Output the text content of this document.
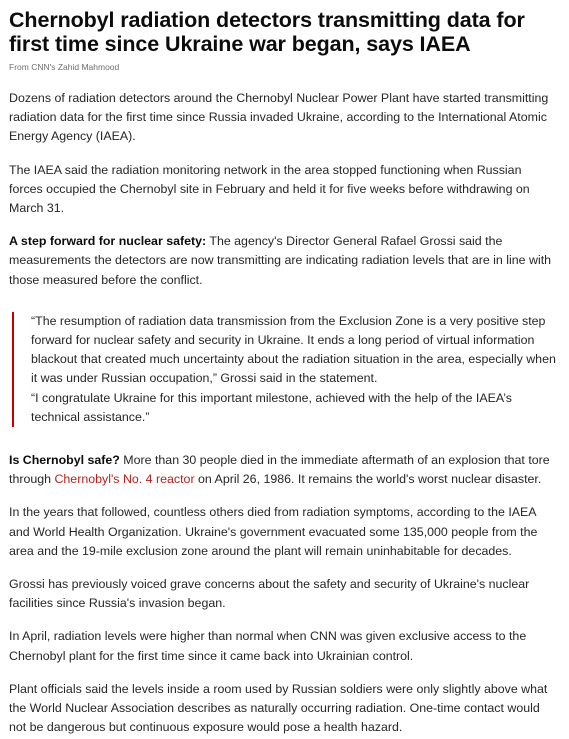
Chernobyl radiation detectors transmitting data for first time since Ukraine war began, says IAEA
From CNN's Zahid Mahmood

Dozens of radiation detectors around the Chernobyl Nuclear Power Plant have started transmitting radiation data for the first time since Russia invaded Ukraine, according to the International Atomic Energy Agency (IAEA).

The IAEA said the radiation monitoring network in the area stopped functioning when Russian forces occupied the Chernobyl site in February and held it for five weeks before withdrawing on March 31.

A step forward for nuclear safety: The agency's Director General Rafael Grossi said the measurements the detectors are now transmitting are indicating radiation levels that are in line with those measured before the conflict.

“The resumption of radiation data transmission from the Exclusion Zone is a very positive step forward for nuclear safety and security in Ukraine. It ends a long period of virtual information blackout that created much uncertainty about the radiation situation in the area, especially when it was under Russian occupation,” Grossi said in the statement.

“I congratulate Ukraine for this important milestone, achieved with the help of the IAEA’s technical assistance.”

Is Chernobyl safe? More than 30 people died in the immediate aftermath of an explosion that tore through Chernobyl's No. 4 reactor on April 26, 1986. It remains the world's worst nuclear disaster.

In the years that followed, countless others died from radiation symptoms, according to the IAEA and World Health Organization. Ukraine's government evacuated some 135,000 people from the area and the 19-mile exclusion zone around the plant will remain uninhabitable for decades.

Grossi has previously voiced grave concerns about the safety and security of Ukraine's nuclear facilities since Russia's invasion began.

In April, radiation levels were higher than normal when CNN was given exclusive access to the Chernobyl plant for the first time since it came back into Ukrainian control.

Plant officials said the levels inside a room used by Russian soldiers were only slightly above what the World Nuclear Association describes as naturally occurring radiation. One-time contact would not be dangerous but continuous exposure would pose a health hazard.
